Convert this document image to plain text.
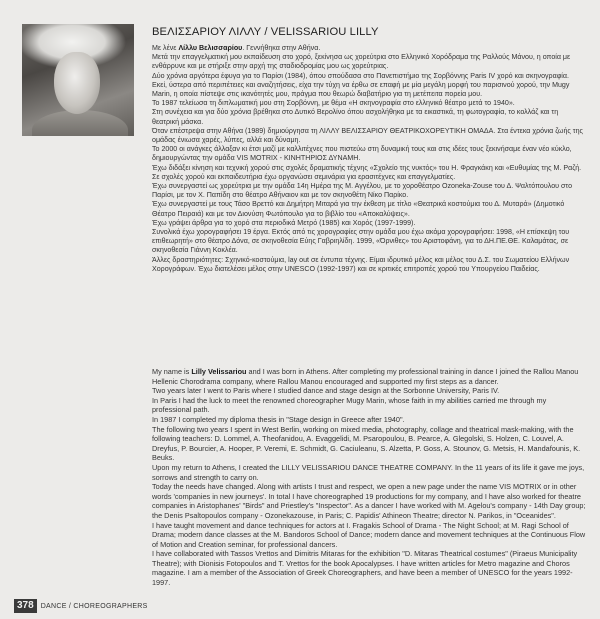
ΒΕΛΙΣΣΑΡΙΟΥ ΛΙΛΛΥ / VELISSARIOU LILLY

Με λένε Λίλλυ Βελισσαρίου. Γεννήθηκα στην Αθήνα.

Μετά την επαγγελματική μου εκπαίδευση στο χορό, ξεκίνησα ως χορεύτρια στο Ελληνικό Χορόδραμα της Ραλλούς Μάνου, η οποία με ενθάρρυνε και με στήριξε στην αρχή της σταδιοδρομίας μου ως χορεύτριας.

Δύο χρόνια αργότερα έφυγα για το Παρίσι (1984), όπου σπούδασα στο Πανεπιστήμιο της Σορβόννης Paris IV χορό και σκηνογραφία.

Εκεί, ύστερα από περιπέτειες και αναζητήσεις, είχα την τύχη να έρθω σε επαφή με μία μεγάλη μορφή του παρισινού χορού, την Mugy Marin, η οποία πίστεψε στις ικανότητές μου, πράγμα που θεωρώ διαβατήριο για τη μετέπειτα πορεία μου.

Το 1987 τελείωσα τη διπλωματική μου στη Σορβόννη, με θέμα «Η σκηνογραφία στο ελληνικό θέατρο μετά το 1940».

Στη συνέχεια και για δύο χρόνια βρέθηκα στο Δυτικό Βερολίνο όπου ασχολήθηκα με τα εικαστικά, τη φωτογραφία, το κολλάζ και τη θεατρική μάσκα.

Όταν επέστρεψα στην Αθήνα (1989) δημιούργησα τη ΛΙΛΛΥ ΒΕΛΙΣΣΑΡΙΟΥ ΘΕΑΤΡΙΚΟΧΟΡΕΥΤΙΚΗ ΟΜΑΔΑ. Στα έντεκα χρόνια ζωής της ομάδας ένιωσα χαρές, λύπες, αλλά και δύναμη.

Το 2000 οι ανάγκες άλλαξαν κι έτσι μαζί με καλλιτέχνες που πιστεύω στη δυναμική τους και στις ιδέες τους ξεκινήσαμε έναν νέο κύκλο, δημιουργώντας την ομάδα VIS MOTRIX - ΚΙΝΗΤΗΡΙΟΣ ΔΥΝΑΜΗ.

Έχω διδάξει κίνηση και τεχνική χορού στις σχολές δραματικής τέχνης «Σχολείο της νυκτός» του Η. Φραγκάκη και «Ευθυμίας της Μ. Ραζή. Σε σχολές χορού και εκπαιδευτήρια έχω οργανώσει σεμινάρια για ερασιτέχνες και επαγγελματίες.

Έχω συνεργαστεί ως χορεύτρια με την ομάδα 14η Ημέρα της Μ. Αγγέλου, με το χοροθέατρο Ozoneka-Zouse του Δ. Ψαλτόπουλου στο Παρίσι, με τον Χ. Παπίδη στο θέατρο Αθήναιον και με τον σκηνοθέτη Νίκο Παρίκο.

Έχω συνεργαστεί με τους Τάσο Βρεττό και Δημήτρη Μιταρά για την έκθεση με τίτλο «Θεατρικά κοστούμια του Δ. Μυταρά» (Δημοτικό Θέατρο Πειραιά) και με τον Διονύση Φωτόπουλο για το βιβλίο του «Αποκαλύψεις».

Έχω γράψει άρθρα για το χορό στα περιοδικά Μετρό (1985) και Χορός (1997-1999).

Συνολικά έχω χορογραφήσει 19 έργα. Εκτός από τις χορογραφίες στην ομάδα μου έχω ακόμα χορογραφήσει: 1998, «Η επίσκεψη του επιθεωρητή» στο θέατρο Δόνα, σε σκηνοθεσία Εύης Γαβριηλίδη. 1999, «Όρνιθες» του Αριστοφάνη, για το ΔΗ.ΠΕ.ΘΕ. Καλαμάτας, σε σκηνοθεσία Γιάννη Κοκλέα.

Άλλες δραστηριότητες: Σχηνικό-κοστούμια, lay out σε έντυπα τέχνης. Είμαι ιδρυτικό μέλος και μέλος του Δ.Σ. του Σωματείου Ελλήνων Χορογράφων. Έχω διατελέσει μέλος στην UNESCO (1992-1997) και σε κριτικές επιτροπές χορού του Υπουργείου Παιδείας.

My name is Lilly Velissariou and I was born in Athens. After completing my professional training in dance I joined the Rallou Manou Hellenic Chorodrama company, where Rallou Manou encouraged and supported my first steps as a dancer.

Two years later I went to Paris where I studied dance and stage design at the Sorbonne University, Paris IV.

In Paris I had the luck to meet the renowned choreographer Mugy Marin, whose faith in my abilities carried me through my professional path.

In 1987 I completed my diploma thesis in "Stage design in Greece after 1940".

The following two years I spent in West Berlin, working on mixed media, photography, collage and theatrical mask-making, with the following teachers: D. Lommel, A. Theofanidou, A. Evaggelidi, M. Psaropoulou, B. Pearce, A. Glegolski, S. Holzen, C. Louvel, A. Dreyfus, P. Bourcier, A. Hooper, P. Veremi, E. Schmidt, G. Caciuleanu, S. Alzetta, P. Goss, A. Stounov, G. Metsis, H. Mandafounis, K. Beuks.

Upon my return to Athens, I created the LILLY VELISSARIOU DANCE THEATRE COMPANY. In the 11 years of its life it gave me joys, sorrows and strength to carry on.

Today the needs have changed. Along with artists I trust and respect, we open a new page under the name VIS MOTRIX or in other words 'companies in new journeys'. In total I have choreographed 19 productions for my company, and I have also worked for theatre companies in Aristophanes' "Birds" and Priestley's "Inspector". As a dancer I have worked with M. Agelou's company - 14th Day group; the Denis Psaltopoulos company - Ozonekazouse, in Paris; C. Papidis' Athineon Theatre; director N. Parikos, in "Oceanides".

I have taught movement and dance techniques for actors at I. Fragakis School of Drama - The Night School; at M. Ragi School of Drama; modern dance classes at the M. Bandoros School of Dance; modern dance and movement techniques at the Continuous Flow of Motion and Creation seminar, for professional dancers.

I have collaborated with Tassos Vrettos and Dimitris Mitaras for the exhibition "D. Mitaras Theatrical costumes" (Piraeus Municipality Theatre); with Dionisis Fotopoulos and T. Vrettos for the book Apocalypses. I have written articles for Metro magazine and Choros magazine. I am a member of the Association of Greek Choreographers, and have been a member of UNESCO for the years 1992-1997.

378	DANCE / CHOREOGRAPHERS
